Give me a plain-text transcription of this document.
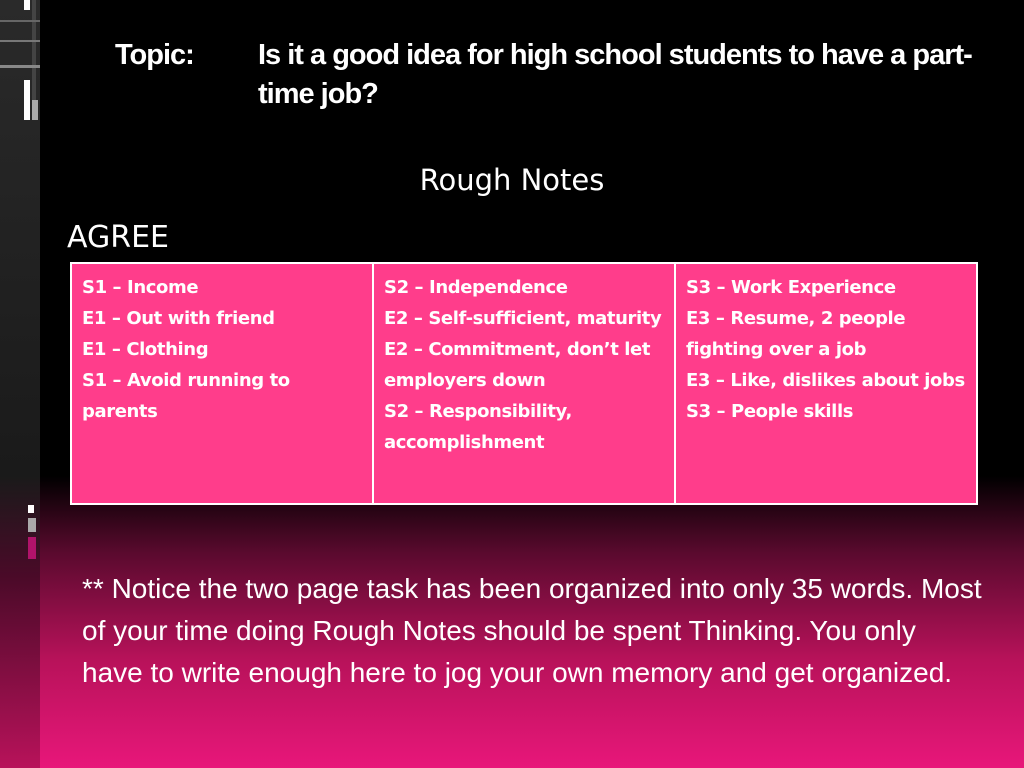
Topic: Is it a good idea for high school students to have a part-time job?
Rough Notes
AGREE
S1 – Income
E1 – Out with friend
E1 – Clothing
S1 – Avoid running to parents

S2 – Independence
E2 – Self-sufficient, maturity
E2 – Commitment, don’t let employers down
S2 – Responsibility, accomplishment

S3 – Work Experience
E3 – Resume, 2 people fighting over a job
E3 – Like, dislikes about jobs
S3 – People skills
** Notice the two page task has been organized into only 35 words. Most of your time doing Rough Notes should be spent Thinking. You only have to write enough here to jog your own memory and get organized.
